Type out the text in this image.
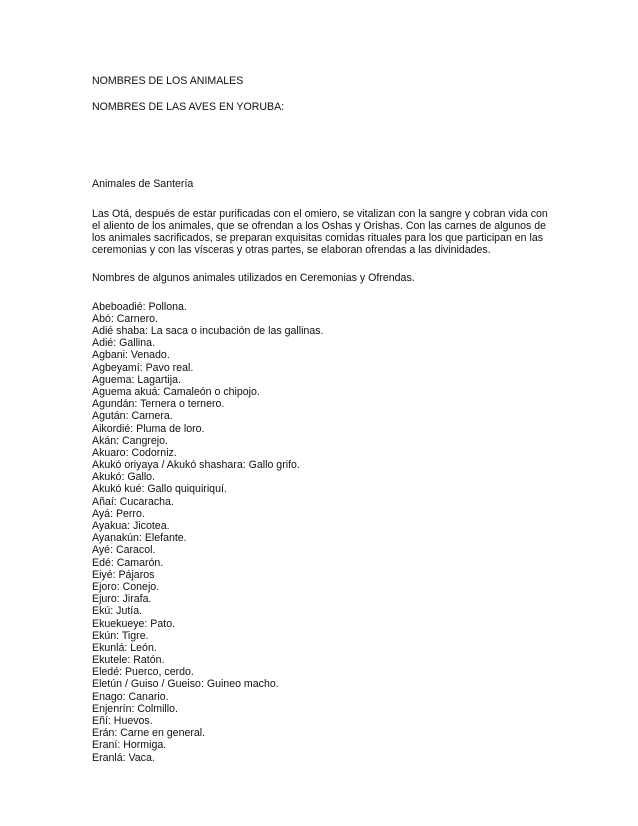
NOMBRES DE LOS ANIMALES

NOMBRES DE LAS AVES EN YORUBA:

Animales de Santería

Las Otá, después de estar purificadas con el omiero, se vitalizan con la sangre y cobran vida con el aliento de los animales, que se ofrendan a los Oshas y Orishas. Con las carnes de algunos de los animales sacrificados, se preparan exquisitas comidas rituales para los que participan en las ceremonias y con las vísceras y otras partes, se elaboran ofrendas a las divinidades.

Nombres de algunos animales utilizados en Ceremonias y Ofrendas.

Abeboadié: Pollona.
Abó: Carnero.
Adié shaba: La saca o incubación de las gallinas.
Adié: Gallina.
Agbani: Venado.
Agbeyamí: Pavo real.
Aguema: Lagartija.
Aguema akuá: Camaleón o chipojo.
Agundán: Ternera o ternero.
Agután: Carnera.
Aikordié: Pluma de loro.
Akán: Cangrejo.
Akuaro: Codorniz.
Akukó oriyaya / Akukó shashara: Gallo grifo.
Akukó: Gallo.
Akukó kué: Gallo quiquiriquí.
Añaí: Cucaracha.
Ayá: Perro.
Ayakua: Jicotea.
Ayanakún: Elefante.
Ayé: Caracol.
Edé: Camarón.
Eiyé: Pájaros
Ejoro: Conejo.
Ejuro: Jirafa.
Ekú: Jutía.
Ekuekueye: Pato.
Ekún: Tigre.
Ekunlá: León.
Ekutele: Ratón.
Eledé: Puerco, cerdo.
Eletún / Guiso / Gueiso: Guineo macho.
Enago: Canario.
Enjenrín: Colmillo.
Eñí: Huevos.
Erán: Carne en general.
Eraní: Hormiga.
Eranlá: Vaca.
